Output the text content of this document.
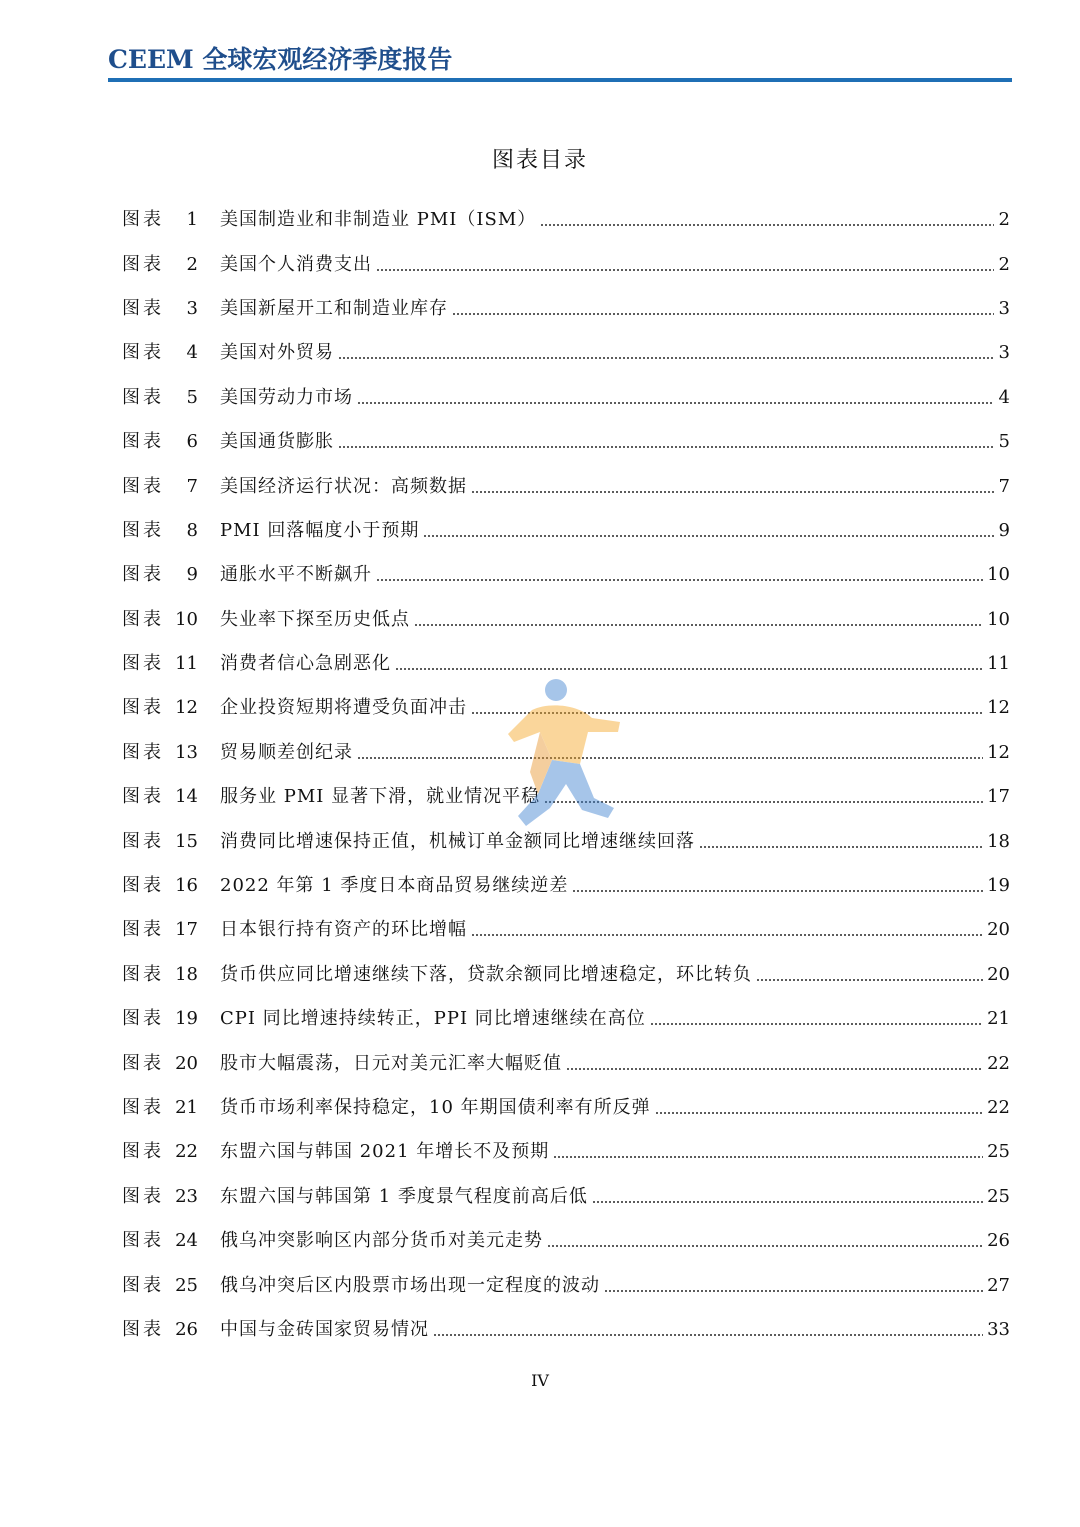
CEEM 全球宏观经济季度报告
图表目录
图表	1 美国制造业和非制造业 PMI（ISM）	2
图表	2 美国个人消费支出	2
图表	3 美国新屋开工和制造业库存	3
图表	4 美国对外贸易	3
图表	5 美国劳动力市场	4
图表	6 美国通货膨胀	5
图表	7 美国经济运行状况：高频数据	7
图表	8 PMI 回落幅度小于预期	9
图表	9 通胀水平不断飙升	10
图表 10 失业率下探至历史低点	10
图表 11 消费者信心急剧恶化	11
图表 12 企业投资短期将遭受负面冲击	12
图表 13 贸易顺差创纪录	12
图表 14 服务业 PMI 显著下滑，就业情况平稳	17
图表 15 消费同比增速保持正值，机械订单金额同比增速继续回落	18
图表 16 2022 年第 1 季度日本商品贸易继续逆差	19
图表 17 日本银行持有资产的环比增幅	20
图表 18 货币供应同比增速继续下落，贷款余额同比增速稳定，环比转负	20
图表 19 CPI 同比增速持续转正，PPI 同比增速继续在高位	21
图表 20 股市大幅震荡，日元对美元汇率大幅贬值	22
图表 21 货币市场利率保持稳定，10 年期国债利率有所反弹	22
图表 22 东盟六国与韩国 2021 年增长不及预期	25
图表 23 东盟六国与韩国第 1 季度景气程度前高后低	25
图表 24 俄乌冲突影响区内部分货币对美元走势	26
图表 25 俄乌冲突后区内股票市场出现一定程度的波动	27
图表 26 中国与金砖国家贸易情况	33
IV
